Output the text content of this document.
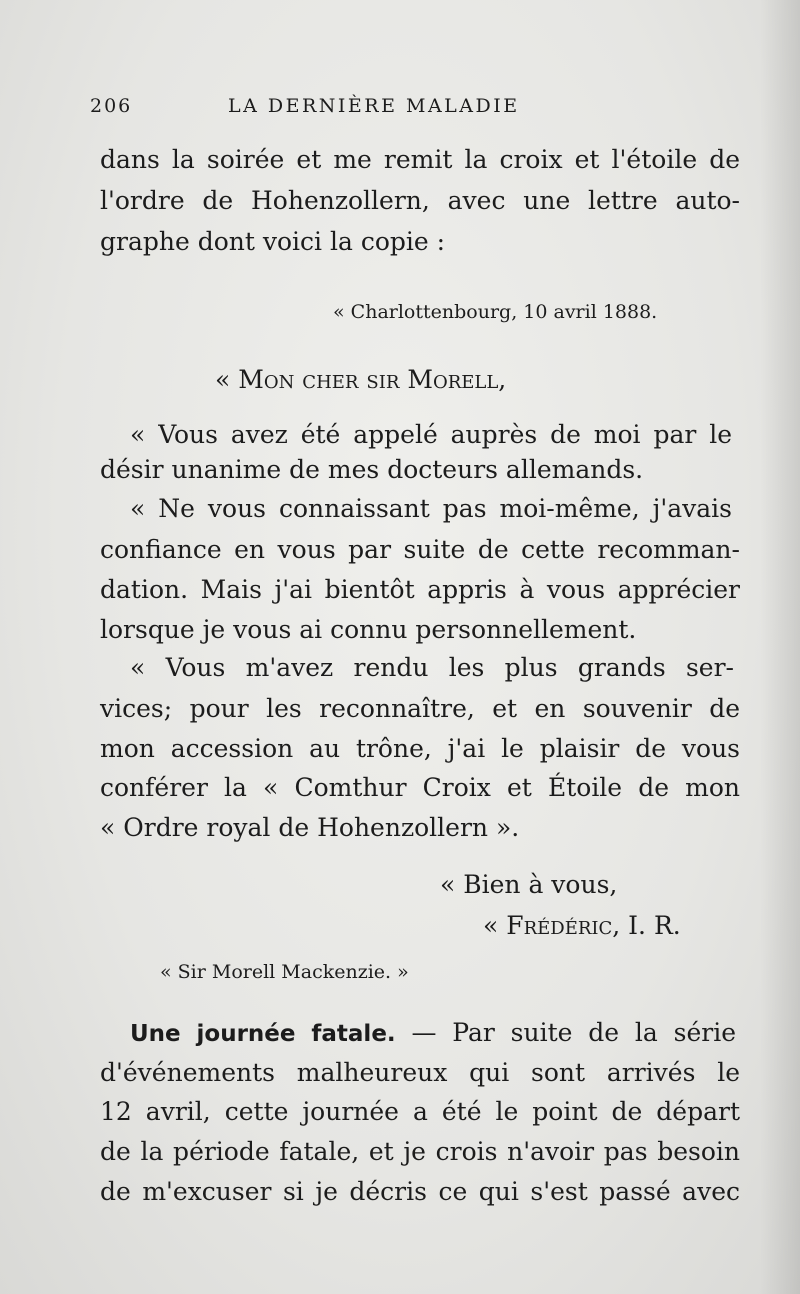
206	LA DERNIÈRE MALADIE
dans la soirée et me remit la croix et l'étoile de
l'ordre de Hohenzollern, avec une lettre auto-
graphe dont voici la copie :
« Charlottenbourg, 10 avril 1888.
« Mon cher sir Morell,
« Vous avez été appelé auprès de moi par le
désir unanime de mes docteurs allemands.
« Ne vous connaissant pas moi-même, j'avais
confiance en vous par suite de cette recomman-
dation. Mais j'ai bientôt appris à vous apprécier
lorsque je vous ai connu personnellement.
« Vous m'avez rendu les plus grands ser-
vices; pour les reconnaître, et en souvenir de
mon accession au trône, j'ai le plaisir de vous
conférer la « Comthur Croix et Étoile de mon
« Ordre royal de Hohenzollern ».
« Bien à vous,
« Frédéric, I. R.
« Sir Morell Mackenzie. »
Une journée fatale. — Par suite de la série
d'événements malheureux qui sont arrivés le
12 avril, cette journée a été le point de départ
de la période fatale, et je crois n'avoir pas besoin
de m'excuser si je décris ce qui s'est passé avec
